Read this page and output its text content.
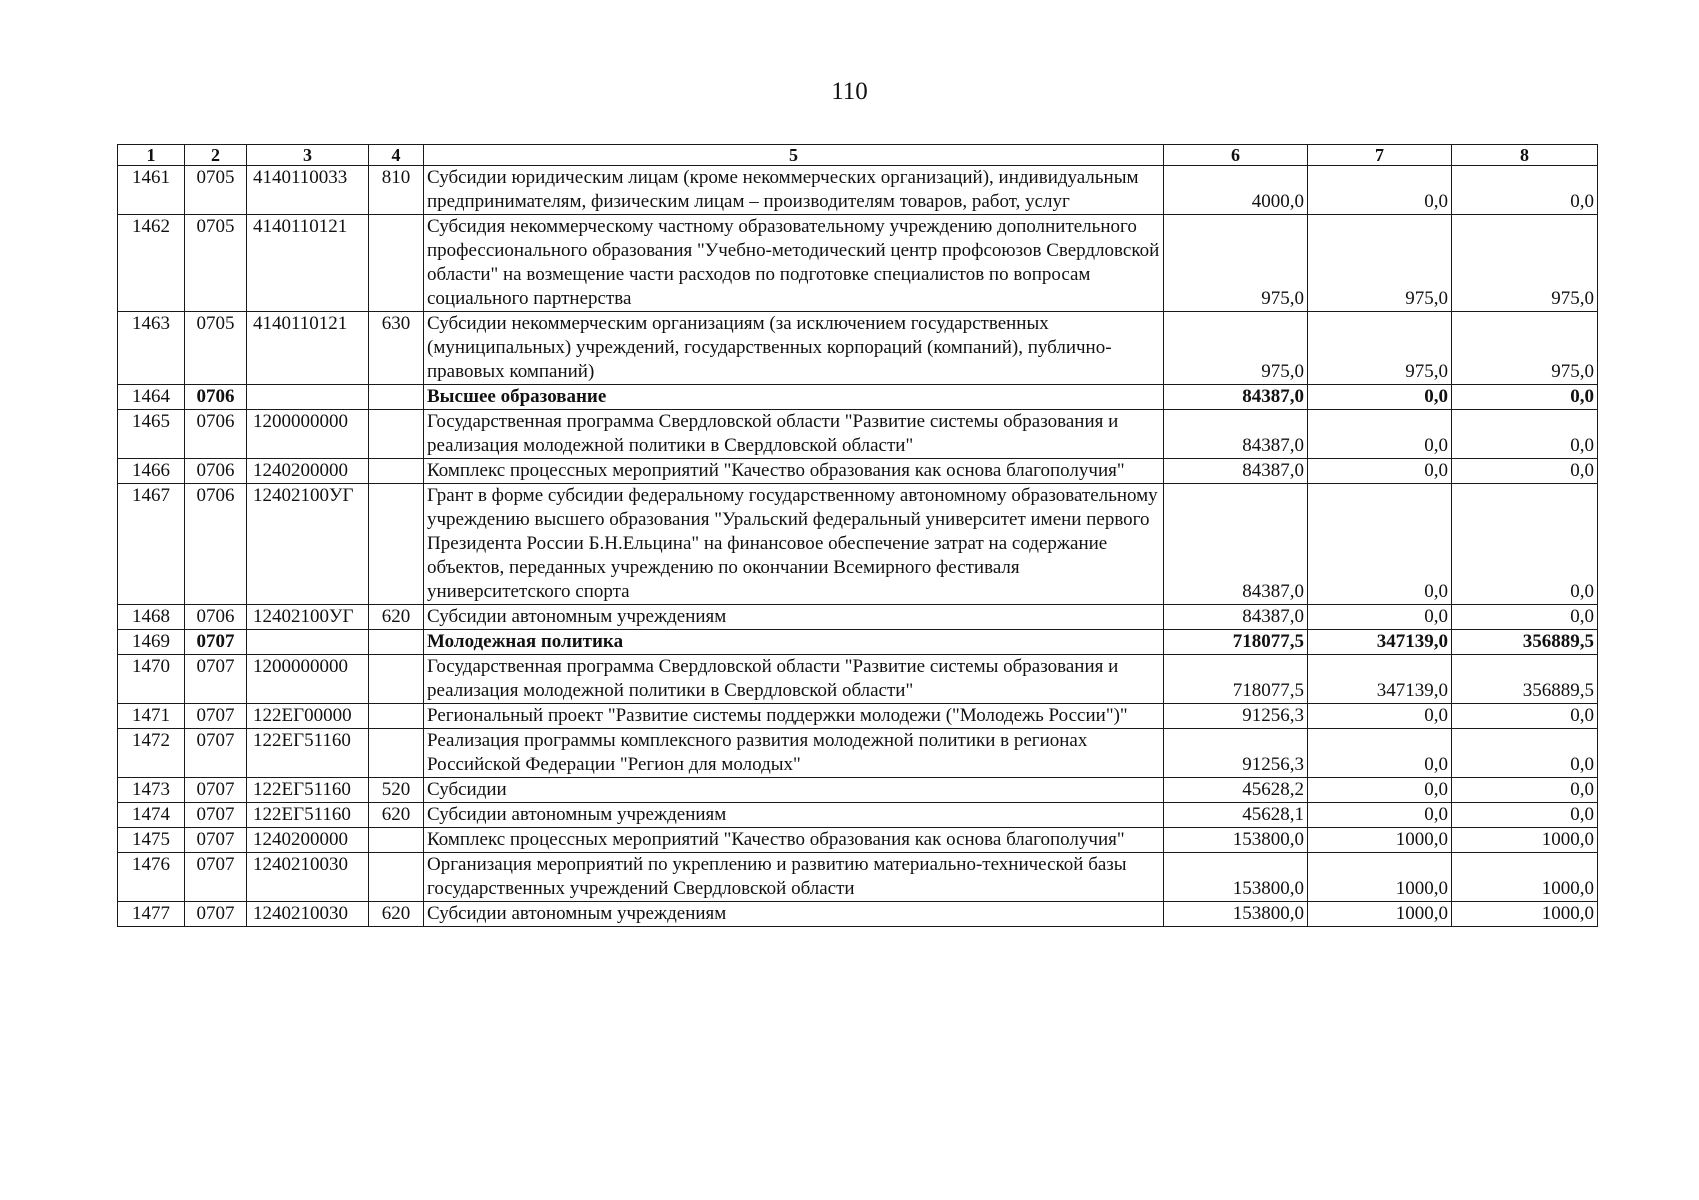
110
1	2	3	4	5	6	7	8
1461	0705	4140110033	810	Субсидии юридическим лицам (кроме некоммерческих организаций), индивидуальным предпринимателям, физическим лицам – производителям товаров, работ, услуг	4000,0	0,0	0,0
1462	0705	4140110121		Субсидия некоммерческому частному образовательному учреждению дополнительного профессионального образования "Учебно-методический центр профсоюзов Свердловской области" на возмещение части расходов по подготовке специалистов по вопросам социального партнерства	975,0	975,0	975,0
1463	0705	4140110121	630	Субсидии некоммерческим организациям (за исключением государственных (муниципальных) учреждений, государственных корпораций (компаний), публично-правовых компаний)	975,0	975,0	975,0
1464	0706			Высшее образование	84387,0	0,0	0,0
1465	0706	1200000000		Государственная программа Свердловской области "Развитие системы образования и реализация молодежной политики в Свердловской области"	84387,0	0,0	0,0
1466	0706	1240200000		Комплекс процессных мероприятий "Качество образования как основа благополучия"	84387,0	0,0	0,0
1467	0706	12402100УГ		Грант в форме субсидии федеральному государственному автономному образовательному учреждению высшего образования "Уральский федеральный университет имени первого Президента России Б.Н.Ельцина" на финансовое обеспечение затрат на содержание объектов, переданных учреждению по окончании Всемирного фестиваля университетского спорта	84387,0	0,0	0,0
1468	0706	12402100УГ	620	Субсидии автономным учреждениям	84387,0	0,0	0,0
1469	0707			Молодежная политика	718077,5	347139,0	356889,5
1470	0707	1200000000		Государственная программа Свердловской области "Развитие системы образования и реализация молодежной политики в Свердловской области"	718077,5	347139,0	356889,5
1471	0707	122ЕГ00000		Региональный проект "Развитие системы поддержки молодежи ("Молодежь России")"	91256,3	0,0	0,0
1472	0707	122ЕГ51160		Реализация программы комплексного развития молодежной политики в регионах Российской Федерации "Регион для молодых"	91256,3	0,0	0,0
1473	0707	122ЕГ51160	520	Субсидии	45628,2	0,0	0,0
1474	0707	122ЕГ51160	620	Субсидии автономным учреждениям	45628,1	0,0	0,0
1475	0707	1240200000		Комплекс процессных мероприятий "Качество образования как основа благополучия"	153800,0	1000,0	1000,0
1476	0707	1240210030		Организация мероприятий по укреплению и развитию материально-технической базы государственных учреждений Свердловской области	153800,0	1000,0	1000,0
1477	0707	1240210030	620	Субсидии автономным учреждениям	153800,0	1000,0	1000,0
